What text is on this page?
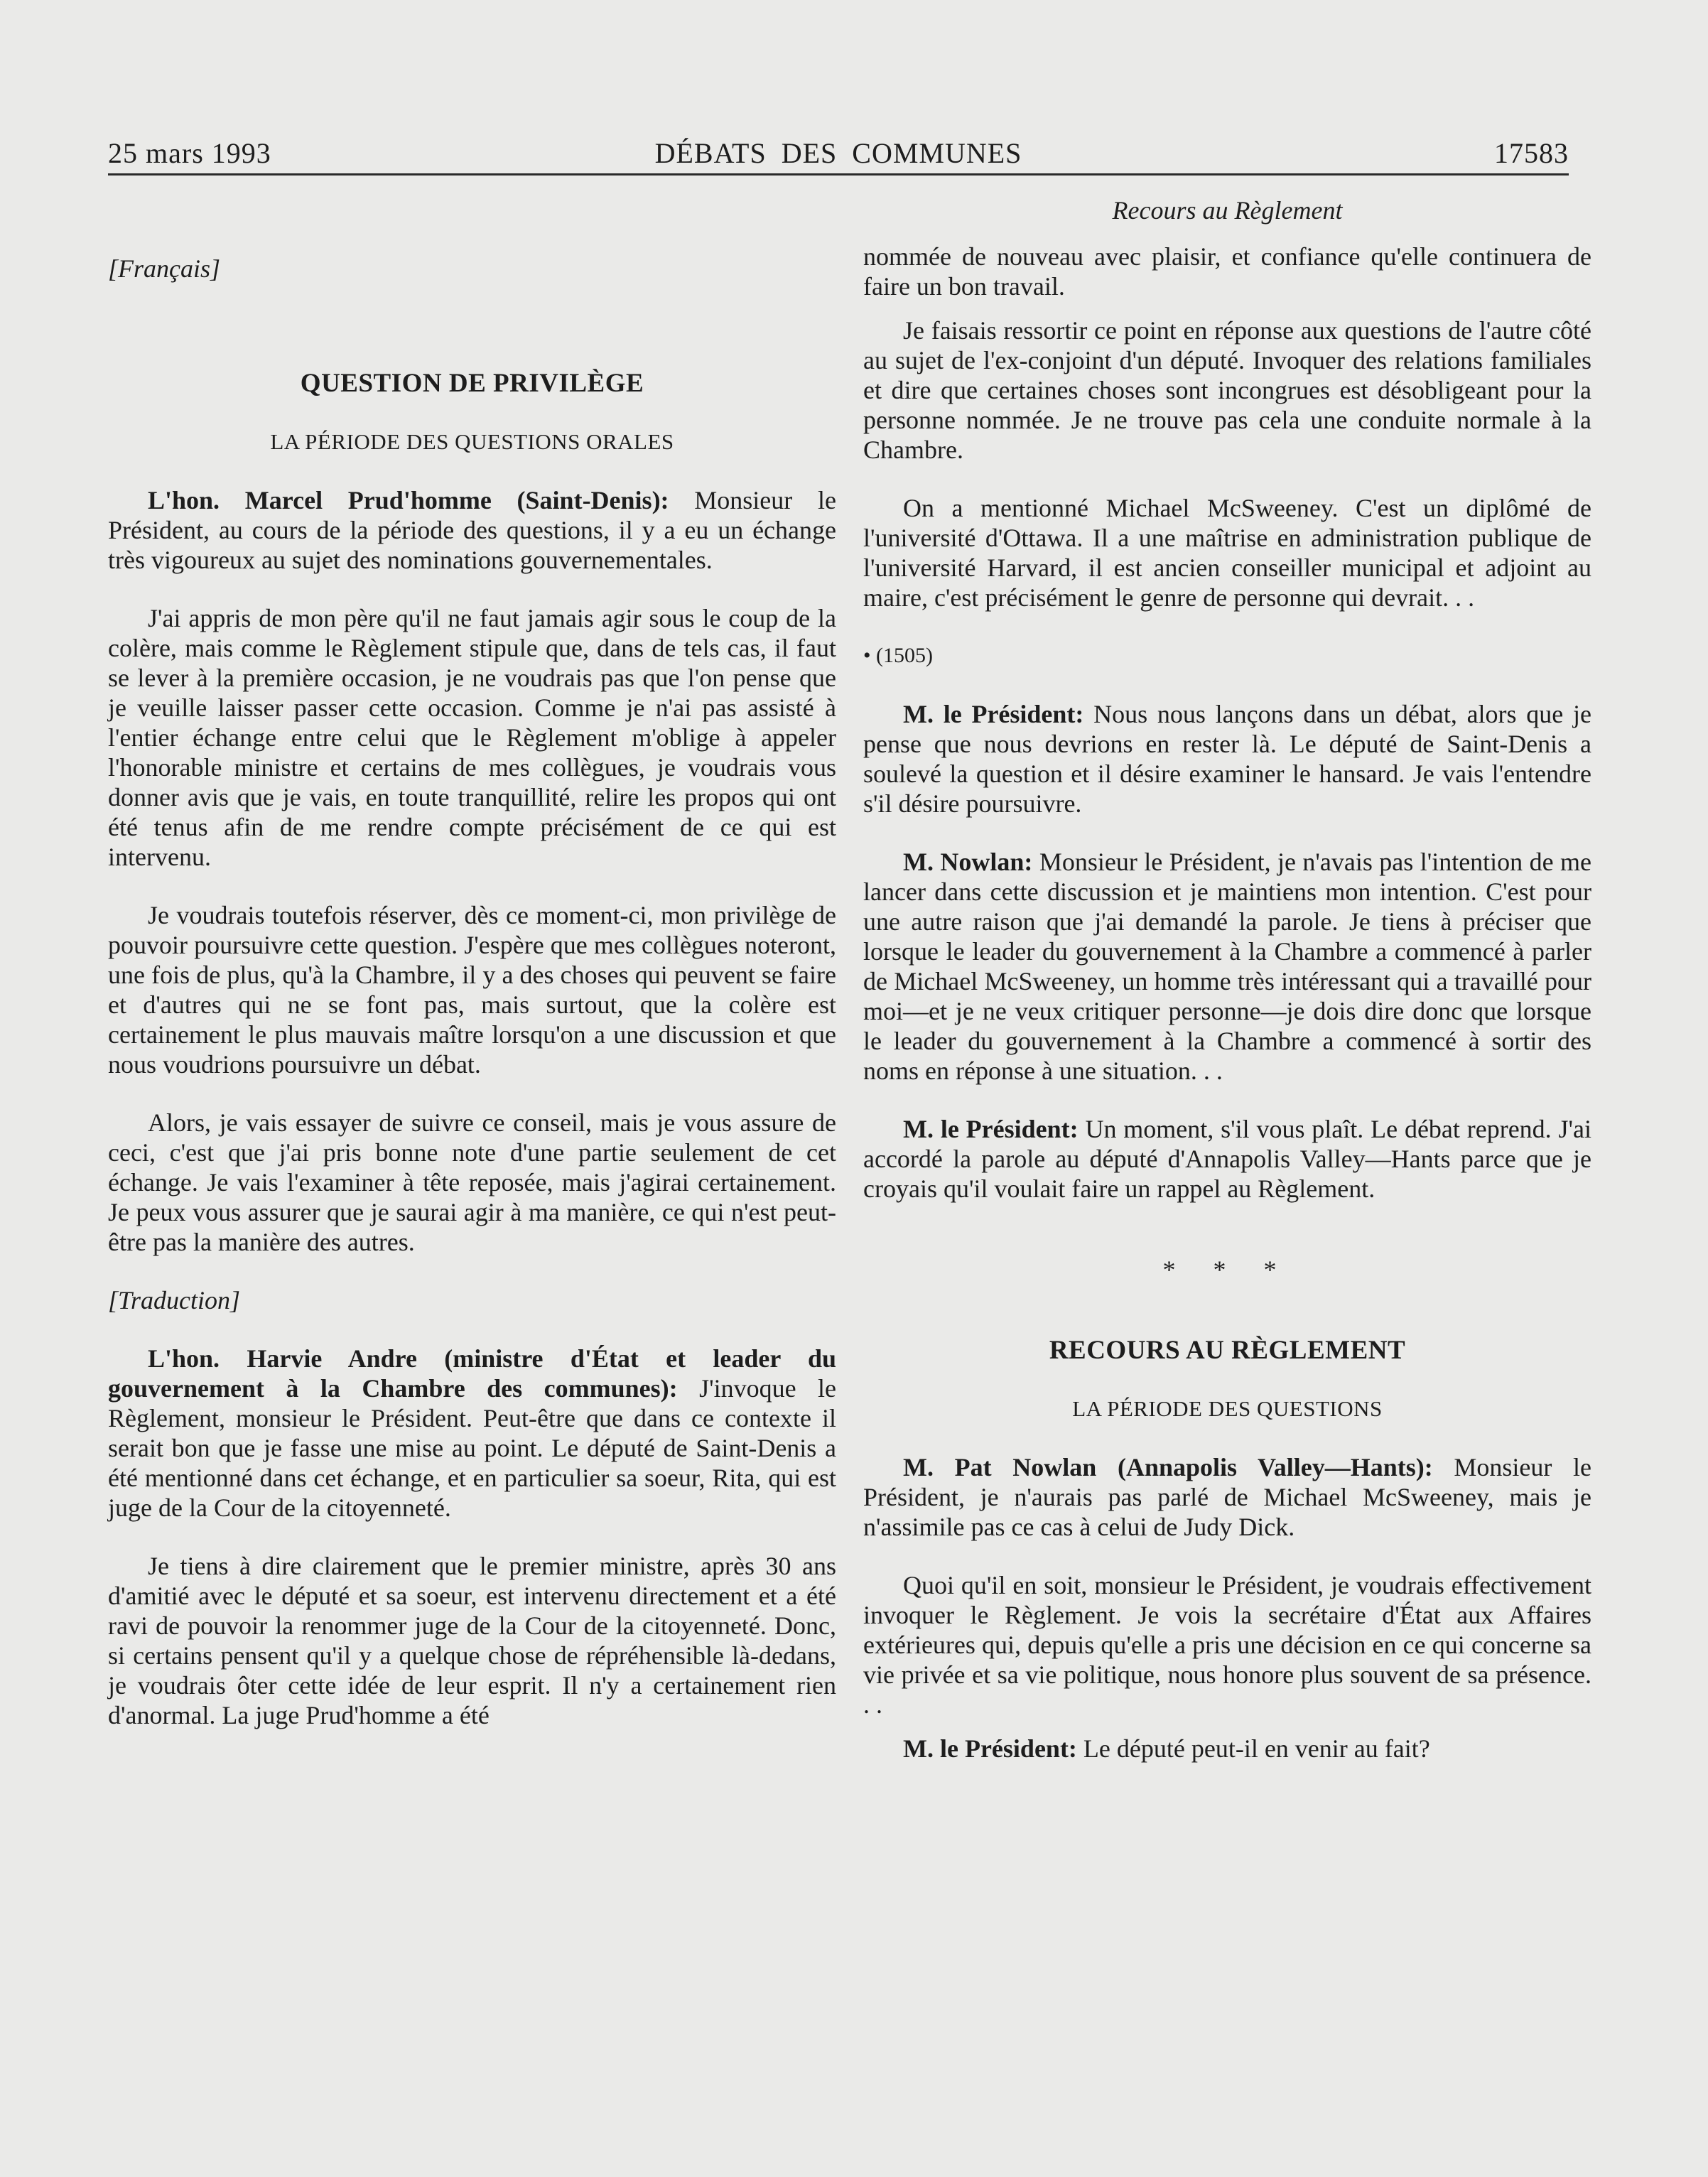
25 mars 1993	DÉBATS DES COMMUNES	17583

[Français]

QUESTION DE PRIVILÈGE

LA PÉRIODE DES QUESTIONS ORALES

L'hon. Marcel Prud'homme (Saint-Denis): Monsieur le Président, au cours de la période des questions, il y a eu un échange très vigoureux au sujet des nominations gouvernementales.

J'ai appris de mon père qu'il ne faut jamais agir sous le coup de la colère, mais comme le Règlement stipule que, dans de tels cas, il faut se lever à la première occasion, je ne voudrais pas que l'on pense que je veuille laisser passer cette occasion. Comme je n'ai pas assisté à l'entier échange entre celui que le Règlement m'oblige à appeler l'honorable ministre et certains de mes collègues, je voudrais vous donner avis que je vais, en toute tranquillité, relire les propos qui ont été tenus afin de me rendre compte précisément de ce qui est intervenu.

Je voudrais toutefois réserver, dès ce moment-ci, mon privilège de pouvoir poursuivre cette question. J'espère que mes collègues noteront, une fois de plus, qu'à la Chambre, il y a des choses qui peuvent se faire et d'autres qui ne se font pas, mais surtout, que la colère est certainement le plus mauvais maître lorsqu'on a une discussion et que nous voudrions poursuivre un débat.

Alors, je vais essayer de suivre ce conseil, mais je vous assure de ceci, c'est que j'ai pris bonne note d'une partie seulement de cet échange. Je vais l'examiner à tête reposée, mais j'agirai certainement. Je peux vous assurer que je saurai agir à ma manière, ce qui n'est peut-être pas la manière des autres.

[Traduction]

L'hon. Harvie Andre (ministre d'État et leader du gouvernement à la Chambre des communes): J'invoque le Règlement, monsieur le Président. Peut-être que dans ce contexte il serait bon que je fasse une mise au point. Le député de Saint-Denis a été mentionné dans cet échange, et en particulier sa soeur, Rita, qui est juge de la Cour de la citoyenneté.

Je tiens à dire clairement que le premier ministre, après 30 ans d'amitié avec le député et sa soeur, est intervenu directement et a été ravi de pouvoir la renommer juge de la Cour de la citoyenneté. Donc, si certains pensent qu'il y a quelque chose de répréhensible là-dedans, je voudrais ôter cette idée de leur esprit. Il n'y a certainement rien d'anormal. La juge Prud'homme a été

Recours au Règlement

nommée de nouveau avec plaisir, et confiance qu'elle continuera de faire un bon travail.

Je faisais ressortir ce point en réponse aux questions de l'autre côté au sujet de l'ex-conjoint d'un député. Invoquer des relations familiales et dire que certaines choses sont incongrues est désobligeant pour la personne nommée. Je ne trouve pas cela une conduite normale à la Chambre.

On a mentionné Michael McSweeney. C'est un diplômé de l'université d'Ottawa. Il a une maîtrise en administration publique de l'université Harvard, il est ancien conseiller municipal et adjoint au maire, c'est précisément le genre de personne qui devrait. . .

• (1505)

M. le Président: Nous nous lançons dans un débat, alors que je pense que nous devrions en rester là. Le député de Saint-Denis a soulevé la question et il désire examiner le hansard. Je vais l'entendre s'il désire poursuivre.

M. Nowlan: Monsieur le Président, je n'avais pas l'intention de me lancer dans cette discussion et je maintiens mon intention. C'est pour une autre raison que j'ai demandé la parole. Je tiens à préciser que lorsque le leader du gouvernement à la Chambre a commencé à parler de Michael McSweeney, un homme très intéressant qui a travaillé pour moi—et je ne veux critiquer personne—je dois dire donc que lorsque le leader du gouvernement à la Chambre a commencé à sortir des noms en réponse à une situation. . .

M. le Président: Un moment, s'il vous plaît. Le débat reprend. J'ai accordé la parole au député d'Annapolis Valley—Hants parce que je croyais qu'il voulait faire un rappel au Règlement.

* * *

RECOURS AU RÈGLEMENT

LA PÉRIODE DES QUESTIONS

M. Pat Nowlan (Annapolis Valley—Hants): Monsieur le Président, je n'aurais pas parlé de Michael McSweeney, mais je n'assimile pas ce cas à celui de Judy Dick.

Quoi qu'il en soit, monsieur le Président, je voudrais effectivement invoquer le Règlement. Je vois la secrétaire d'État aux Affaires extérieures qui, depuis qu'elle a pris une décision en ce qui concerne sa vie privée et sa vie politique, nous honore plus souvent de sa présence. . .

M. le Président: Le député peut-il en venir au fait?
